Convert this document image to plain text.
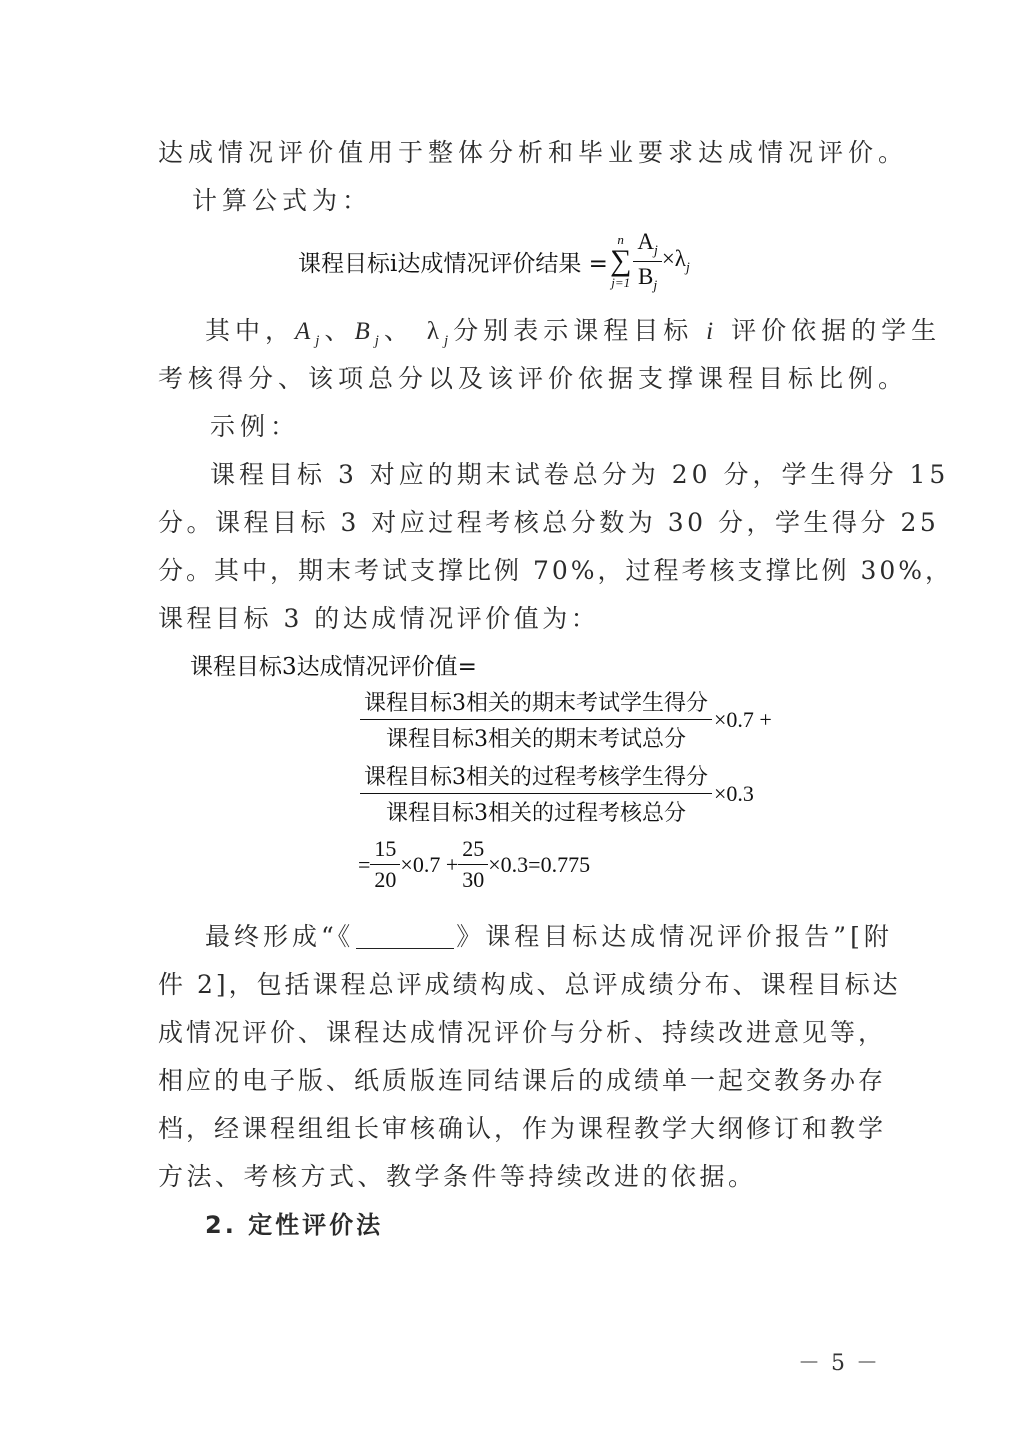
达成情况评价值用于整体分析和毕业要求达成情况评价。
计算公式为：
课程目标i达成情况评价结果 =
n
∑
$j=1 \frac{A_j}{B_j} \times\lambda_j$
其中，$A_j$、$B_j$、 $\lambda_j$分别表示课程目标 i 评价依据的学生
考核得分、该项总分以及该评价依据支撑课程目标比例。
示例：
课程目标 3 对应的期末试卷总分为 20 分，学生得分 15
分。课程目标 3 对应过程考核总分数为 30 分，学生得分 25
分。其中，期末考试支撑比例 70%，过程考核支撑比例 30%，
课程目标 3 的达成情况评价值为：
课程目标3达成情况评价值=
$\frac{\text{课程目标3相关的期末考试学生得分}}{\text{课程目标3相关的期末考试总分}} \times 0.7$ +
$\frac{\text{课程目标3相关的过程考核学生得分}}{\text{课程目标3相关的过程考核总分}} \times 0.3$
= $\frac{15}{20} \times 0.7 + \frac{25}{30} \times 0.3=0.775$
最终形成“《	》课程目标达成情况评价报告”[附
件 2]，包括课程总评成绩构成、总评成绩分布、课程目标达
成情况评价、课程达成情况评价与分析、持续改进意见等，
相应的电子版、纸质版连同结课后的成绩单一起交教务办存
档，经课程组组长审核确认，作为课程教学大纲修订和教学
方法、考核方式、教学条件等持续改进的依据。
2. 定性评价法
－ 5 －
